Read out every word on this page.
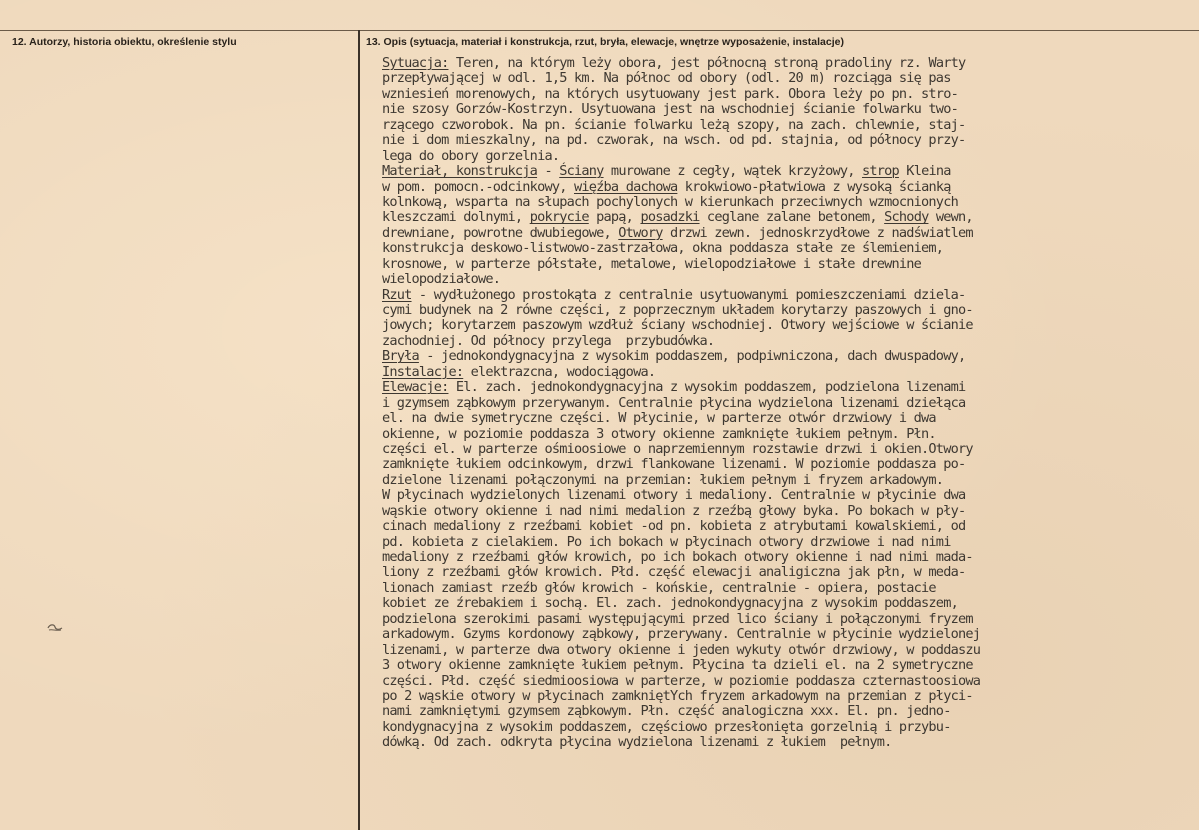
12. Autorzy, historia obiektu, określenie stylu	13. Opis (sytuacja, materiał i konstrukcja, rzut, bryła, elewacje, wnętrze wyposażenie, instalacje)
Sytuacja: Teren, na którym leży obora, jest północną stroną pradoliny rz. Warty
przepływającej w odl. 1,5 km. Na północ od obory (odl. 20 m) rozciąga się pas
wzniesień morenowych, na których usytuowany jest park. Obora leży po pn. stro-
nie szosy Gorzów-Kostrzyn. Usytuowana jest na wschodniej ścianie folwarku two-
rzącego czworobok. Na pn. ścianie folwarku leżą szopy, na zach. chlewnie, staj-
nie i dom mieszkalny, na pd. czworak, na wsch. od pd. stajnia, od północy przy-
lega do obory gorzelnia.
Materiał, konstrukcja - Ściany murowane z cegły, wątek krzyżowy, strop Kleina
w pom. pomocn.-odcinkowy, więźba dachowa krokwiowo-płatwiowa z wysoką ścianką
kolnkową, wsparta na słupach pochylonych w kierunkach przeciwnych wzmocnionych
kleszczami dolnymi, pokrycie papą, posadzki ceglane zalane betonem, Schody wewn,
drewniane, powrotne dwubiegowe, Otwory drzwi zewn. jednoskrzydłowe z nadświatlem
konstrukcja deskowo-listwowo-zastrzałowa, okna poddasza stałe ze ślemieniem,
krosnowe, w parterze półstałe, metalowe, wielopodziałowe i stałe drewnine
wielopodziałowe.
Rzut - wydłużonego prostokąta z centralnie usytuowanymi pomieszczeniami dziela-
cymi budynek na 2 równe części, z poprzecznym układem korytarzy paszowych i gno-
jowych; korytarzem paszowym wzdłuż ściany wschodniej. Otwory wejściowe w ścianie
zachodniej. Od północy przylega  przybudówka.
Bryła - jednokondygnacyjna z wysokim poddaszem, podpiwniczona, dach dwuspadowy,
Instalacje: elektrazcna, wodociągowa.
Elewacje: El. zach. jednokondygnacyjna z wysokim poddaszem, podzielona lizenami
i gzymsem ząbkowym przerywanym. Centralnie płycina wydzielona lizenami dziełąca
el. na dwie symetryczne części. W płycinie, w parterze otwór drzwiowy i dwa
okienne, w poziomie poddasza 3 otwory okienne zamknięte łukiem pełnym. Płn.
części el. w parterze ośmioosiowe o naprzemiennym rozstawie drzwi i okien.Otwory
zamknięte łukiem odcinkowym, drzwi flankowane lizenami. W poziomie poddasza po-
dzielone lizenami połączonymi na przemian: łukiem pełnym i fryzem arkadowym.
W płycinach wydzielonych lizenami otwory i medaliony. Centralnie w płycinie dwa
wąskie otwory okienne i nad nimi medalion z rzeźbą głowy byka. Po bokach w pły-
cinach medaliony z rzeźbami kobiet -od pn. kobieta z atrybutami kowalskiemi, od
pd. kobieta z cielakiem. Po ich bokach w płycinach otwory drzwiowe i nad nimi
medaliony z rzeźbami głów krowich, po ich bokach otwory okienne i nad nimi mada-
liony z rzeźbami głów krowich. Płd. część elewacji analigiczna jak płn, w meda-
lionach zamiast rzeźb głów krowich - końskie, centralnie - opiera, postacie
kobiet ze źrebakiem i sochą. El. zach. jednokondygnacyjna z wysokim poddaszem,
podzielona szerokimi pasami występującymi przed lico ściany i połączonymi fryzem
arkadowym. Gzyms kordonowy ząbkowy, przerywany. Centralnie w płycinie wydzielonej
lizenami, w parterze dwa otwory okienne i jeden wykuty otwór drzwiowy, w poddaszu
3 otwory okienne zamknięte łukiem pełnym. Płycina ta dzieli el. na 2 symetryczne
części. Płd. część siedmioosiowa w parterze, w poziomie poddasza czternastoosiowa
po 2 wąskie otwory w płycinach zamkniętYch fryzem arkadowym na przemian z płyci-
nami zamkniętymi gzymsem ząbkowym. Płn. część analogiczna xxx. El. pn. jedno-
kondygnacyjna z wysokim poddaszem, częściowo przesłonięta gorzelnią i przybu-
dówką. Od zach. odkryta płycina wydzielona lizenami z łukiem  pełnym.
